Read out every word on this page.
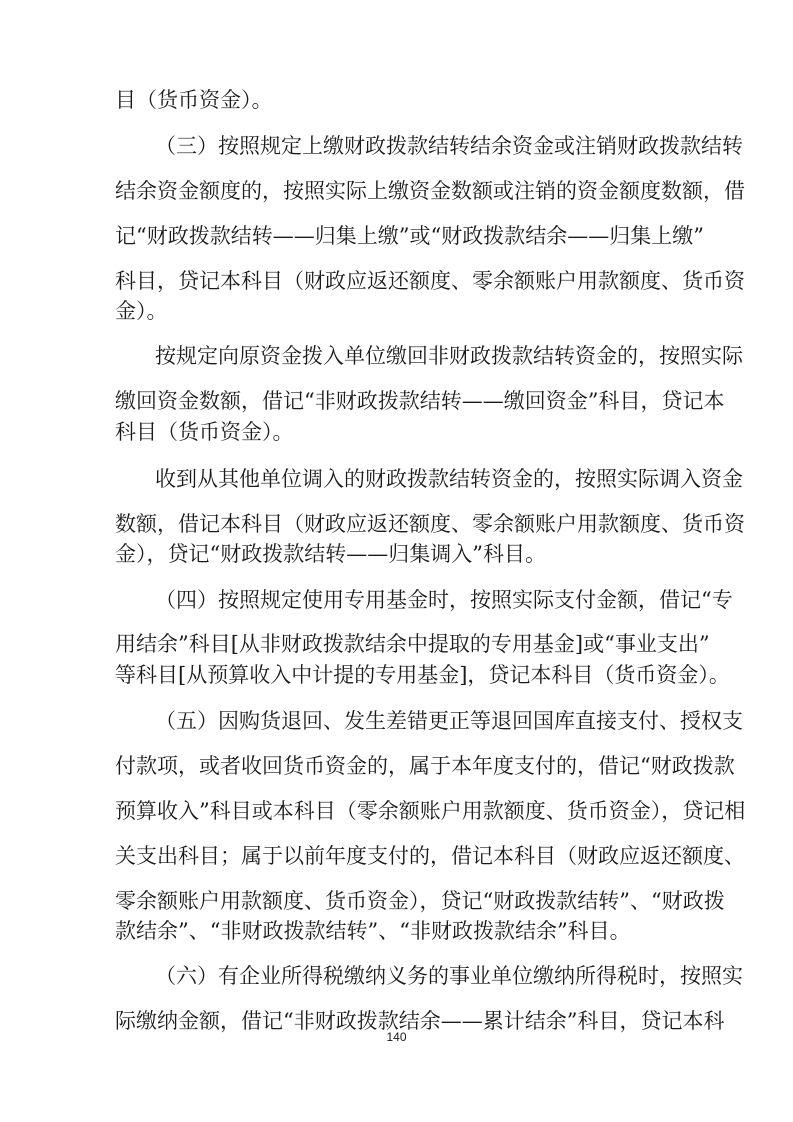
目（货币资金）。
（三）按照规定上缴财政拨款结转结余资金或注销财政拨款结转
结余资金额度的，按照实际上缴资金数额或注销的资金额度数额，借
记“财政拨款结转——归集上缴”或“财政拨款结余——归集上缴”
科目，贷记本科目（财政应返还额度、零余额账户用款额度、货币资
金）。
按规定向原资金拨入单位缴回非财政拨款结转资金的，按照实际
缴回资金数额，借记“非财政拨款结转——缴回资金”科目，贷记本
科目（货币资金）。
收到从其他单位调入的财政拨款结转资金的，按照实际调入资金
数额，借记本科目（财政应返还额度、零余额账户用款额度、货币资
金），贷记“财政拨款结转——归集调入”科目。
（四）按照规定使用专用基金时，按照实际支付金额，借记“专
用结余”科目[从非财政拨款结余中提取的专用基金]或“事业支出”
等科目[从预算收入中计提的专用基金]，贷记本科目（货币资金）。
（五）因购货退回、发生差错更正等退回国库直接支付、授权支
付款项，或者收回货币资金的，属于本年度支付的，借记“财政拨款
预算收入”科目或本科目（零余额账户用款额度、货币资金），贷记相
关支出科目；属于以前年度支付的，借记本科目（财政应返还额度、
零余额账户用款额度、货币资金），贷记“财政拨款结转”、“财政拨
款结余”、“非财政拨款结转”、“非财政拨款结余”科目。
（六）有企业所得税缴纳义务的事业单位缴纳所得税时，按照实
际缴纳金额，借记“非财政拨款结余——累计结余”科目，贷记本科
140
